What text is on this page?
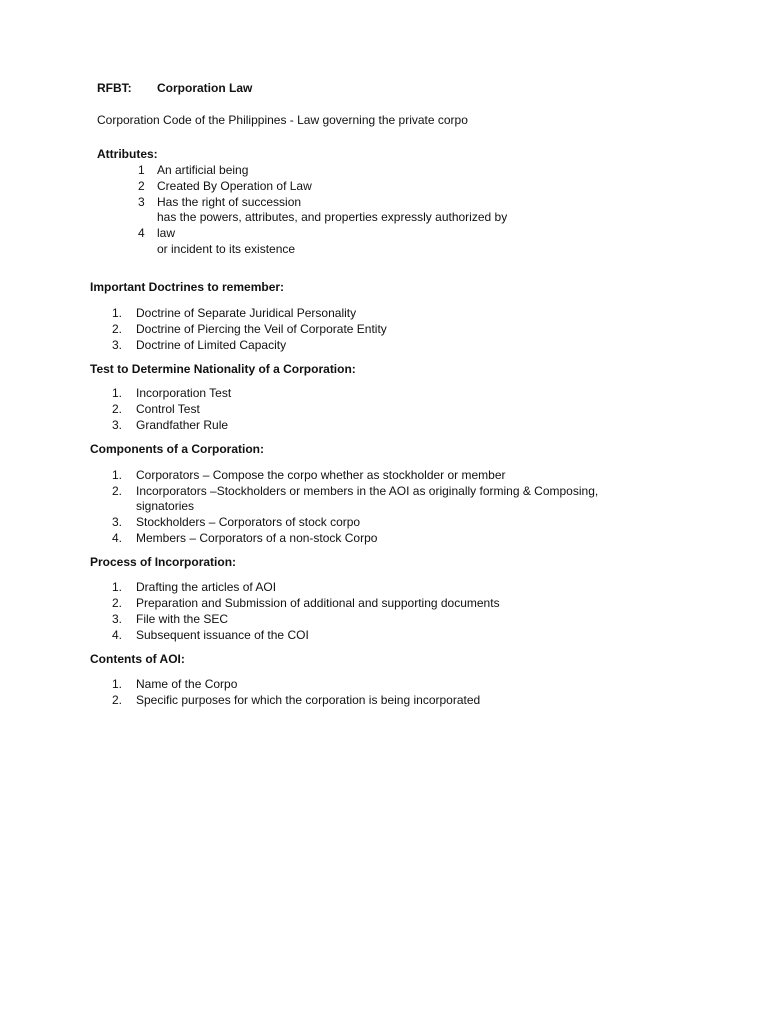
RFBT: Corporation Law
Corporation Code of the Philippines - Law governing the private corpo
Attributes:
1 An artificial being
2 Created By Operation of Law
3 Has the right of succession
has the powers, attributes, and properties expressly authorized by
4 law
or incident to its existence
Important Doctrines to remember:
1. Doctrine of Separate Juridical Personality
2. Doctrine of Piercing the Veil of Corporate Entity
3. Doctrine of Limited Capacity
Test to Determine Nationality of a Corporation:
1. Incorporation Test
2. Control Test
3. Grandfather Rule
Components of a Corporation:
1. Corporators – Compose the corpo whether as stockholder or member
2. Incorporators –Stockholders or members in the AOI as originally forming & Composing,
signatories
3. Stockholders – Corporators of stock corpo
4. Members – Corporators of a non-stock Corpo
Process of Incorporation:
1. Drafting the articles of AOI
2. Preparation and Submission of additional and supporting documents
3. File with the SEC
4. Subsequent issuance of the COI
Contents of AOI:
1. Name of the Corpo
2. Specific purposes for which the corporation is being incorporated
